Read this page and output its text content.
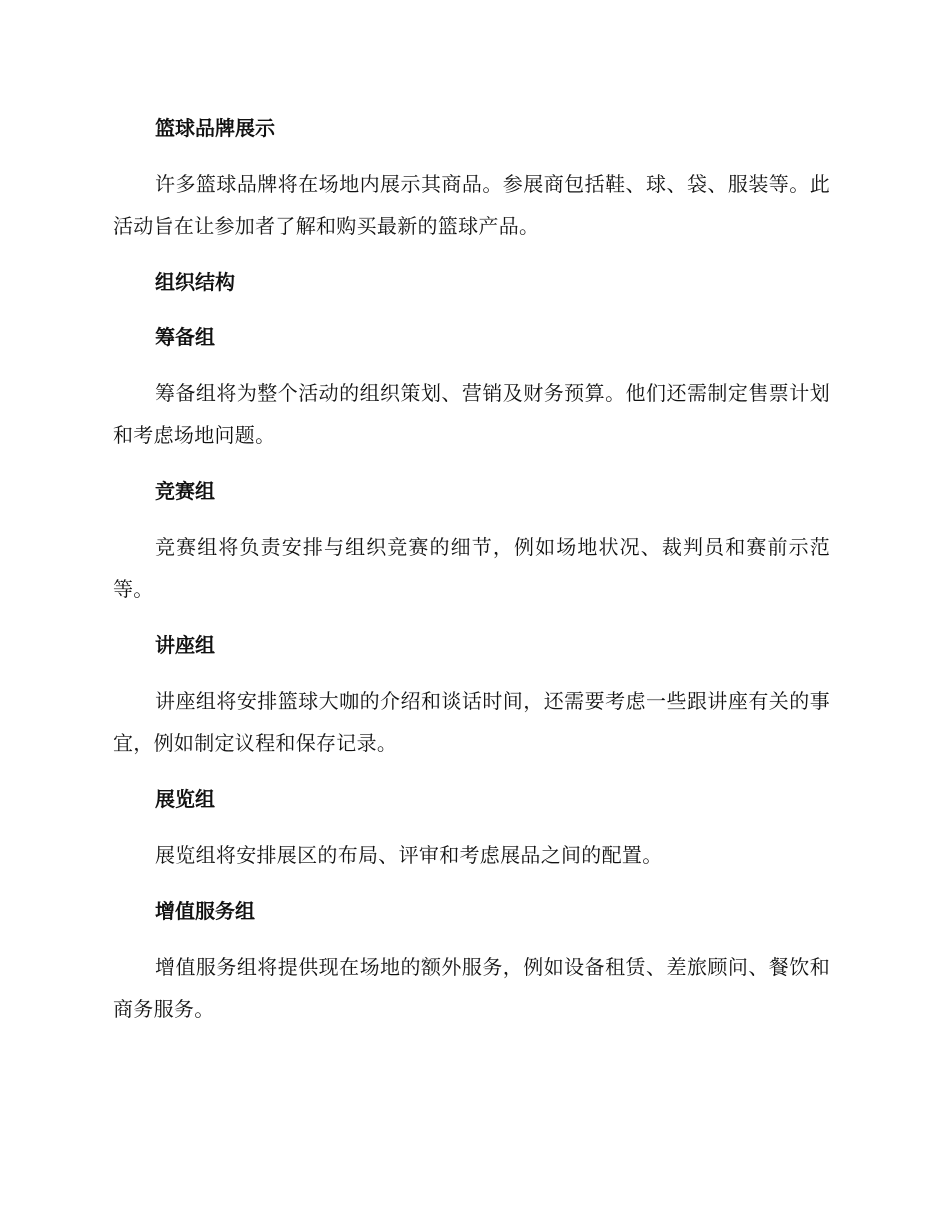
篮球品牌展示

许多篮球品牌将在场地内展示其商品。参展商包括鞋、球、袋、服装等。此活动旨在让参加者了解和购买最新的篮球产品。

组织结构
筹备组

筹备组将为整个活动的组织策划、营销及财务预算。他们还需制定售票计划和考虑场地问题。

竞赛组

竞赛组将负责安排与组织竞赛的细节，例如场地状况、裁判员和赛前示范等。

讲座组

讲座组将安排篮球大咖的介绍和谈话时间，还需要考虑一些跟讲座有关的事宜，例如制定议程和保存记录。

展览组

展览组将安排展区的布局、评审和考虑展品之间的配置。

增值服务组

增值服务组将提供现在场地的额外服务，例如设备租赁、差旅顾问、餐饮和商务服务。
